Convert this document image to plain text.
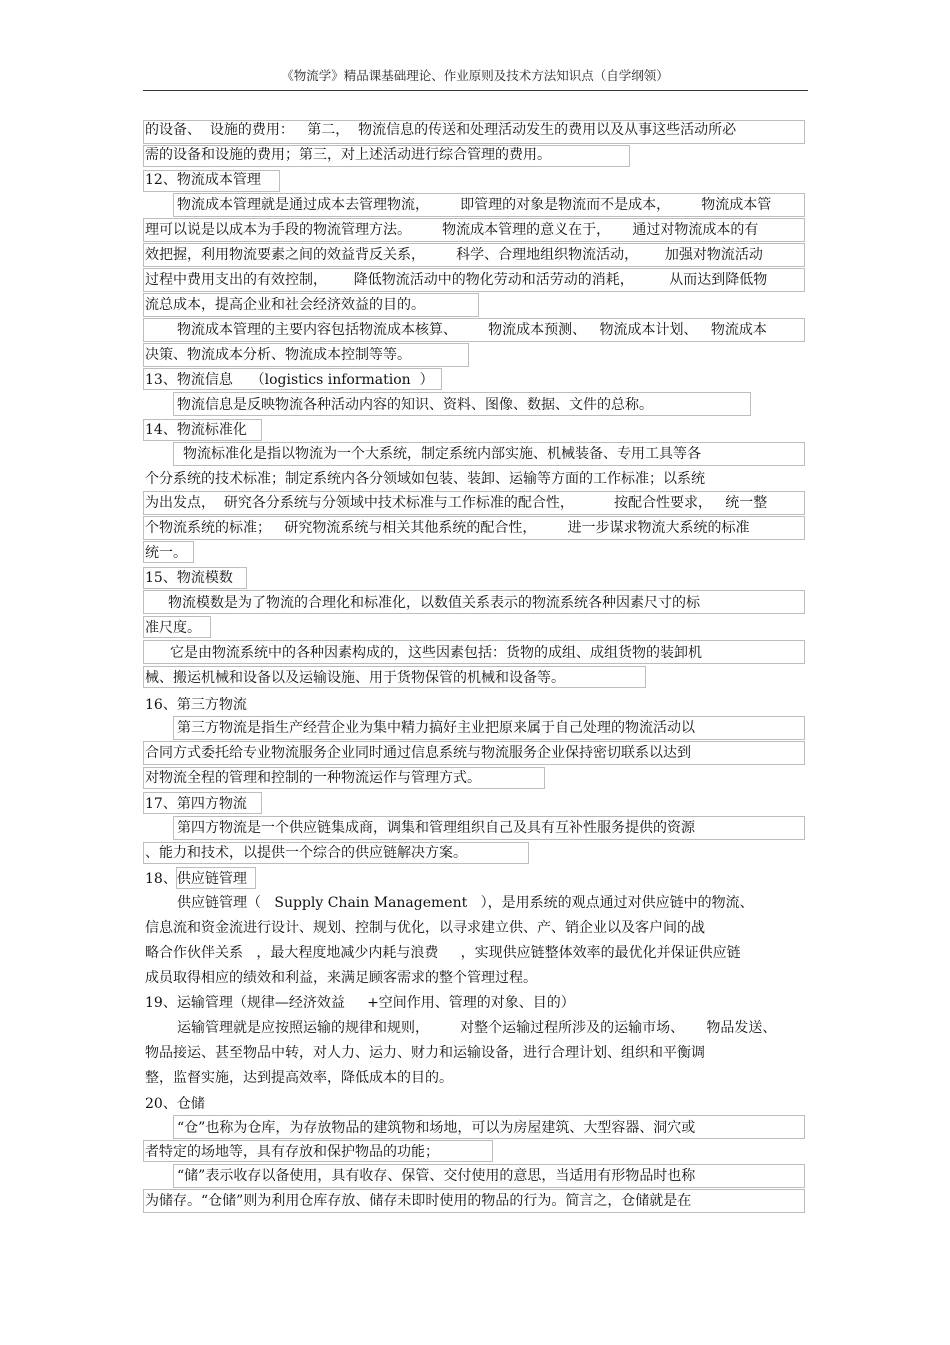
《物流学》精品课基础理论、作业原则及技术方法知识点（自学纲领）
的设备、  设施的费用：   第二，  物流信息的传送和处理活动发生的费用以及从事这些活动所必
需的设备和设施的费用；第三，对上述活动进行综合管理的费用。
12、物流成本管理
物流成本管理就是通过成本去管理物流，       即管理的对象是物流而不是成本，       物流成本管
理可以说是以成本为手段的物流管理方法。       物流成本管理的意义在于，     通过对物流成本的有
效把握，利用物流要素之间的效益背反关系，       科学、合理地组织物流活动，      加强对物流活动
过程中费用支出的有效控制，      降低物流活动中的物化劳动和活劳动的消耗，        从而达到降低物
流总成本，提高企业和社会经济效益的目的。
物流成本管理的主要内容包括物流成本核算、       物流成本预测、   物流成本计划、   物流成本
决策、物流成本分析、物流成本控制等等。
13、物流信息    （logistics information  ）
物流信息是反映物流各种活动内容的知识、资料、图像、数据、文件的总称。
14、物流标准化
物流标准化是指以物流为一个大系统，制定系统内部实施、机械装备、专用工具等各
个分系统的技术标准；制定系统内各分领域如包装、装卸、运输等方面的工作标准；以系统
为出发点，  研究各分系统与分领域中技术标准与工作标准的配合性，         按配合性要求，   统一整
个物流系统的标准；   研究物流系统与相关其他系统的配合性，       进一步谋求物流大系统的标准
统一。
15、物流模数
物流模数是为了物流的合理化和标准化，以数值关系表示的物流系统各种因素尺寸的标
准尺度。
它是由物流系统中的各种因素构成的，这些因素包括：货物的成组、成组货物的装卸机
械、搬运机械和设备以及运输设施、用于货物保管的机械和设备等。
16、第三方物流
第三方物流是指生产经营企业为集中精力搞好主业把原来属于自己处理的物流活动以
合同方式委托给专业物流服务企业同时通过信息系统与物流服务企业保持密切联系以达到
对物流全程的管理和控制的一种物流运作与管理方式。
17、第四方物流
第四方物流是一个供应链集成商，调集和管理组织自己及具有互补性服务提供的资源
、能力和技术，以提供一个综合的供应链解决方案。
18、供应链管理
供应链管理（   Supply Chain Management   ），是用系统的观点通过对供应链中的物流、
信息流和资金流进行设计、规划、控制与优化，以寻求建立供、产、销企业以及客户间的战
略合作伙伴关系   ，最大程度地减少内耗与浪费     ，实现供应链整体效率的最优化并保证供应链
成员取得相应的绩效和利益，来满足顾客需求的整个管理过程。
19、运输管理（规律—经济效益     +空间作用、管理的对象、目的）
运输管理就是应按照运输的规律和规则，       对整个运输过程所涉及的运输市场、     物品发送、
物品接运、甚至物品中转，对人力、运力、财力和运输设备，进行合理计划、组织和平衡调
整，监督实施，达到提高效率，降低成本的目的。
20、仓储
“仓”也称为仓库，为存放物品的建筑物和场地，可以为房屋建筑、大型容器、洞穴或
者特定的场地等，具有存放和保护物品的功能；
“储”表示收存以备使用，具有收存、保管、交付使用的意思，当适用有形物品时也称
为储存。“仓储”则为利用仓库存放、储存未即时使用的物品的行为。简言之，仓储就是在
